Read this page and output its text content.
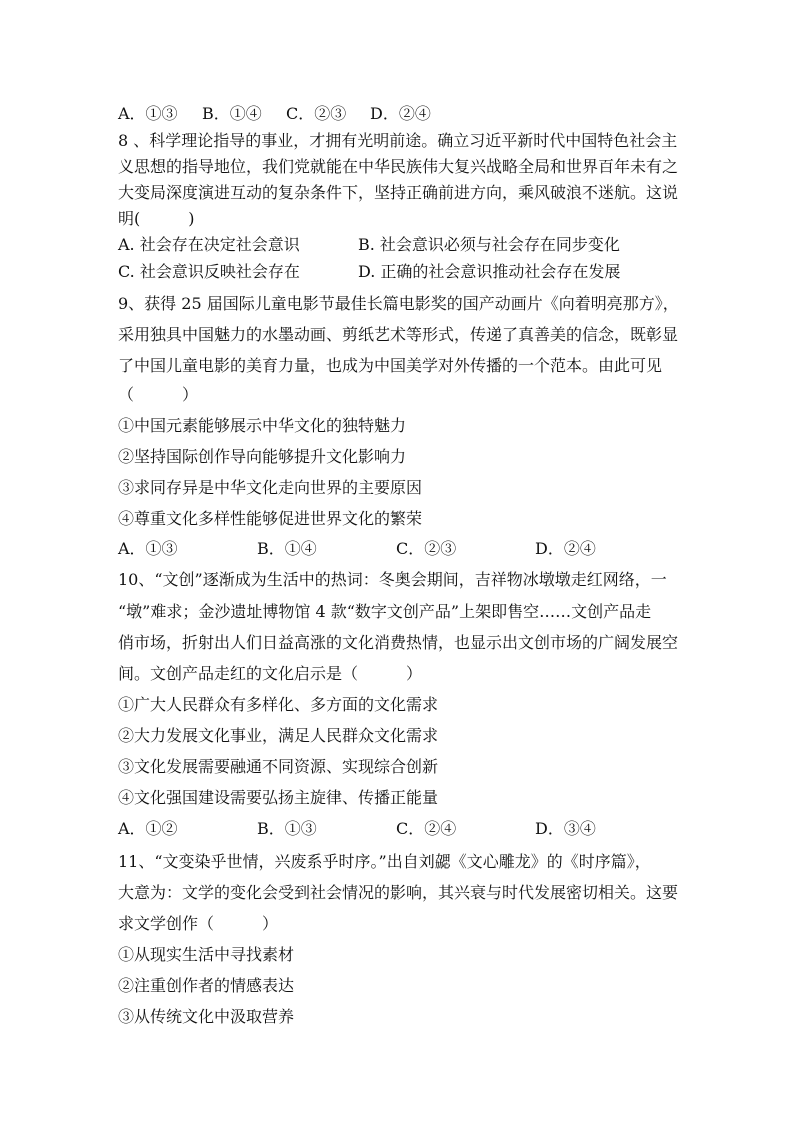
A．①③ B．①④ C．②③ D．②④
8 、科学理论指导的事业，才拥有光明前途。确立习近平新时代中国特色社会主
义思想的指导地位，我们党就能在中华民族伟大复兴战略全局和世界百年未有之
大变局深度演进互动的复杂条件下，坚持正确前进方向，乘风破浪不迷航。这说
明(　　　)
A. 社会存在决定社会意识	B. 社会意识必须与社会存在同步变化
C. 社会意识反映社会存在	D. 正确的社会意识推动社会存在发展
9、获得 25 届国际儿童电影节最佳长篇电影奖的国产动画片《向着明亮那方》，
采用独具中国魅力的水墨动画、剪纸艺术等形式，传递了真善美的信念，既彰显
了中国儿童电影的美育力量，也成为中国美学对外传播的一个范本。由此可见
（　　　）
①中国元素能够展示中华文化的独特魅力
②坚持国际创作导向能够提升文化影响力
③求同存异是中华文化走向世界的主要原因
④尊重文化多样性能够促进世界文化的繁荣
A．①③	B．①④	C．②③	D．②④
10、“文创”逐渐成为生活中的热词：冬奥会期间，吉祥物冰墩墩走红网络，一
“墩”难求；金沙遗址博物馆 4 款“数字文创产品”上架即售空……文创产品走
俏市场，折射出人们日益高涨的文化消费热情，也显示出文创市场的广阔发展空
间。文创产品走红的文化启示是（　　　）
①广大人民群众有多样化、多方面的文化需求
②大力发展文化事业，满足人民群众文化需求
③文化发展需要融通不同资源、实现综合创新
④文化强国建设需要弘扬主旋律、传播正能量
A．①②	B．①③	C．②④	D．③④
11、“文变染乎世情，兴废系乎时序。”出自刘勰《文心雕龙》的《时序篇》，
大意为：文学的变化会受到社会情况的影响，其兴衰与时代发展密切相关。这要
求文学创作（　　　）
①从现实生活中寻找素材
②注重创作者的情感表达
③从传统文化中汲取营养
